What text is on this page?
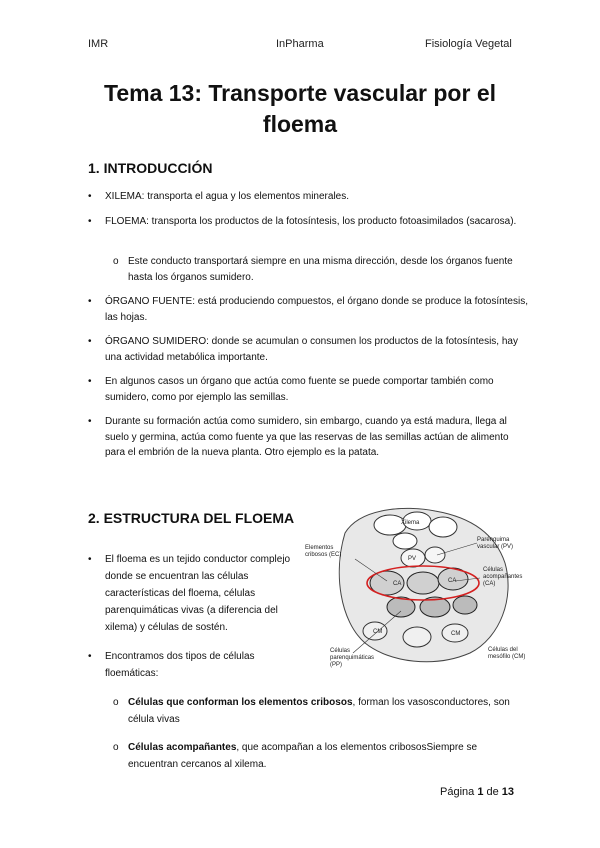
IMR	InPharma	Fisiología Vegetal
Tema 13: Transporte vascular por el
floema
1. INTRODUCCIÓN
• XILEMA: transporta el agua y los elementos minerales.
• FLOEMA: transporta los productos de la fotosíntesis, los producto fotoasimilados (sacarosa).
o Este conducto transportará siempre en una misma dirección, desde los órganos fuente hasta los órganos sumidero.
• ÓRGANO FUENTE: está produciendo compuestos, el órgano donde se produce la fotosíntesis, las hojas.
• ÓRGANO SUMIDERO: donde se acumulan o consumen los productos de la fotosíntesis, hay una actividad metabólica importante.
• En algunos casos un órgano que actúa como fuente se puede comportar también como sumidero, como por ejemplo las semillas.
• Durante su formación actúa como sumidero, sin embargo, cuando ya está madura, llega al suelo y germina, actúa como fuente ya que las reservas de las semillas actúan de alimento para el embrión de la nueva planta. Otro ejemplo es la patata.
2. ESTRUCTURA DEL FLOEMA
• El floema es un tejido conductor complejo donde se encuentran las células características del floema, células parenquimáticas vivas (a diferencia del xilema) y células de sostén.
• Encontramos dos tipos de células floemáticas:
o Células que conforman los elementos cribosos, forman los vasosconductores, son célula vivas
o Células acompañantes, que acompañan a los elementos cribososSiempre se encuentran cercanos al xilema.
Xilema
Elementos
cribosos (EC)
Parénquima
vascular (PV)
Células
acompañantes
(CA)
Células
parenquimáticas
(PP)
Células del
mesófilo (CM)
CM	CM
PV
CA	CA
Página 1 de 13
